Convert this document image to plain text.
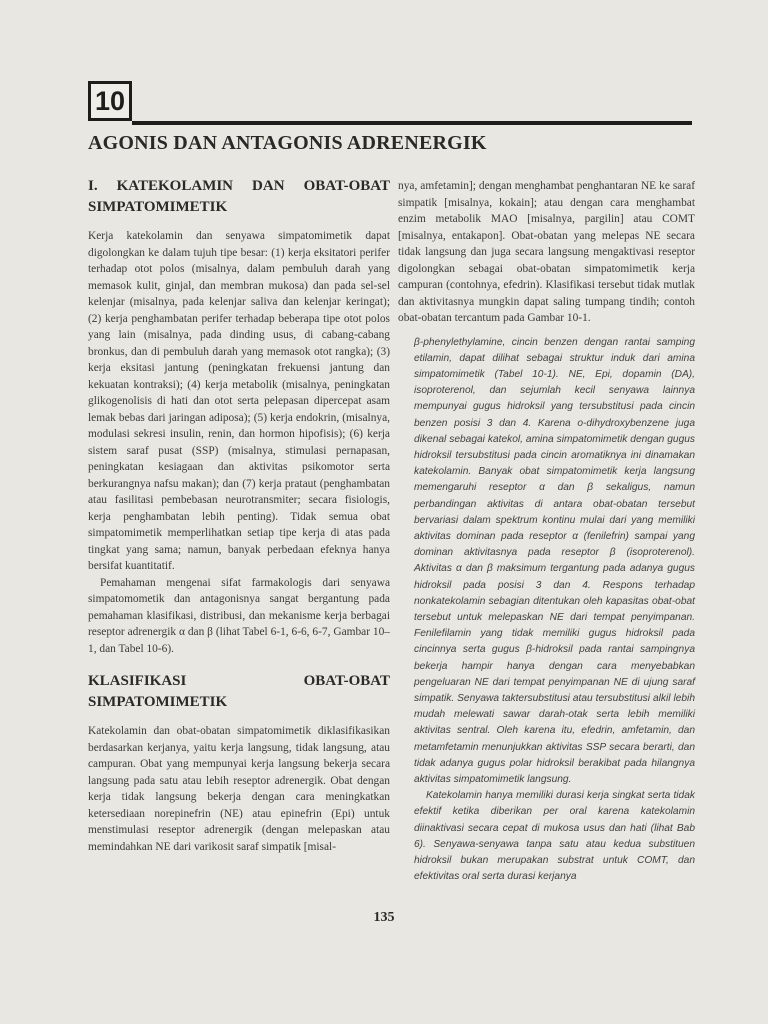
10
AGONIS DAN ANTAGONIS ADRENERGIK
I. KATEKOLAMIN DAN OBAT-OBAT SIMPATOMIMETIK

Kerja katekolamin dan senyawa simpatomimetik dapat digolongkan ke dalam tujuh tipe besar: (1) kerja eksitatori perifer terhadap otot polos (misalnya, dalam pembuluh darah yang memasok kulit, ginjal, dan membran mukosa) dan pada sel-sel kelenjar (misalnya, pada kelenjar saliva dan kelenjar keringat); (2) kerja penghambatan perifer terhadap beberapa tipe otot polos yang lain (misalnya, pada dinding usus, di cabang-cabang bronkus, dan di pembuluh darah yang memasok otot rangka); (3) kerja eksitasi jantung (peningkatan frekuensi jantung dan kekuatan kontraksi); (4) kerja metabolik (misalnya, peningkatan glikogenolisis di hati dan otot serta pelepasan dipercepat asam lemak bebas dari jaringan adiposa); (5) kerja endokrin, (misalnya, modulasi sekresi insulin, renin, dan hormon hipofisis); (6) kerja sistem saraf pusat (SSP) (misalnya, stimulasi pernapasan, peningkatan kesiagaan dan aktivitas psikomotor serta berkurangnya nafsu makan); dan (7) kerja prataut (penghambatan atau fasilitasi pembebasan neurotransmiter; secara fisiologis, kerja penghambatan lebih penting). Tidak semua obat simpatomimetik memperlihatkan setiap tipe kerja di atas pada tingkat yang sama; namun, banyak perbedaan efeknya hanya bersifat kuantitatif.

Pemahaman mengenai sifat farmakologis dari senyawa simpatomometik dan antagonisnya sangat bergantung pada pemahaman klasifikasi, distribusi, dan mekanisme kerja berbagai reseptor adrenergik α dan β (lihat Tabel 6-1, 6-6, 6-7, Gambar 10–1, dan Tabel 10-6).

KLASIFIKASI OBAT-OBAT SIMPATOMIMETIK

Katekolamin dan obat-obatan simpatomimetik diklasifikasikan berdasarkan kerjanya, yaitu kerja langsung, tidak langsung, atau campuran. Obat yang mempunyai kerja langsung bekerja secara langsung pada satu atau lebih reseptor adrenergik. Obat dengan kerja tidak langsung bekerja dengan cara meningkatkan ketersediaan norepinefrin (NE) atau epinefrin (Epi) untuk menstimulasi reseptor adrenergik (dengan melepaskan atau memindahkan NE dari varikosit saraf simpatik [misal-

nya, amfetamin]; dengan menghambat penghantaran NE ke saraf simpatik [misalnya, kokain]; atau dengan cara menghambat enzim metabolik MAO [misalnya, pargilin] atau COMT [misalnya, entakapon]. Obat-obatan yang melepas NE secara tidak langsung dan juga secara langsung mengaktivasi reseptor digolongkan sebagai obat-obatan simpatomimetik kerja campuran (contohnya, efedrin). Klasifikasi tersebut tidak mutlak dan aktivitasnya mungkin dapat saling tumpang tindih; contoh obat-obatan tercantum pada Gambar 10-1.

β-phenylethylamine, cincin benzen dengan rantai samping etilamin, dapat dilihat sebagai struktur induk dari amina simpatomimetik (Tabel 10-1). NE, Epi, dopamin (DA), isoproterenol, dan sejumlah kecil senyawa lainnya mempunyai gugus hidroksil yang tersubstitusi pada cincin benzen posisi 3 dan 4. Karena o-dihydroxybenzene juga dikenal sebagai katekol, amina simpatomimetik dengan gugus hidroksil tersubstitusi pada cincin aromatiknya ini dinamakan katekolamin. Banyak obat simpatomimetik kerja langsung memengaruhi reseptor α dan β sekaligus, namun perbandingan aktivitas di antara obat-obatan tersebut bervariasi dalam spektrum kontinu mulai dari yang memiliki aktivitas dominan pada reseptor α (fenilefrin) sampai yang dominan aktivitasnya pada reseptor β (isoproterenol). Aktivitas α dan β maksimum tergantung pada adanya gugus hidroksil pada posisi 3 dan 4. Respons terhadap nonkatekolamin sebagian ditentukan oleh kapasitas obat-obat tersebut untuk melepaskan NE dari tempat penyimpanan. Fenilefilamin yang tidak memiliki gugus hidroksil pada cincinnya serta gugus β-hidroksil pada rantai sampingnya bekerja hampir hanya dengan cara menyebabkan pengeluaran NE dari tempat penyimpanan NE di ujung saraf simpatik. Senyawa taktersubstitusi atau tersubstitusi alkil lebih mudah melewati sawar darah-otak serta lebih memiliki aktivitas sentral. Oleh karena itu, efedrin, amfetamin, dan metamfetamin menunjukkan aktivitas SSP secara berarti, dan tidak adanya gugus polar hidroksil berakibat pada hilangnya aktivitas simpatomimetik langsung.

Katekolamin hanya memiliki durasi kerja singkat serta tidak efektif ketika diberikan per oral karena katekolamin diinaktivasi secara cepat di mukosa usus dan hati (lihat Bab 6). Senyawa-senyawa tanpa satu atau kedua substituen hidroksil bukan merupakan substrat untuk COMT, dan efektivitas oral serta durasi kerjanya

135
